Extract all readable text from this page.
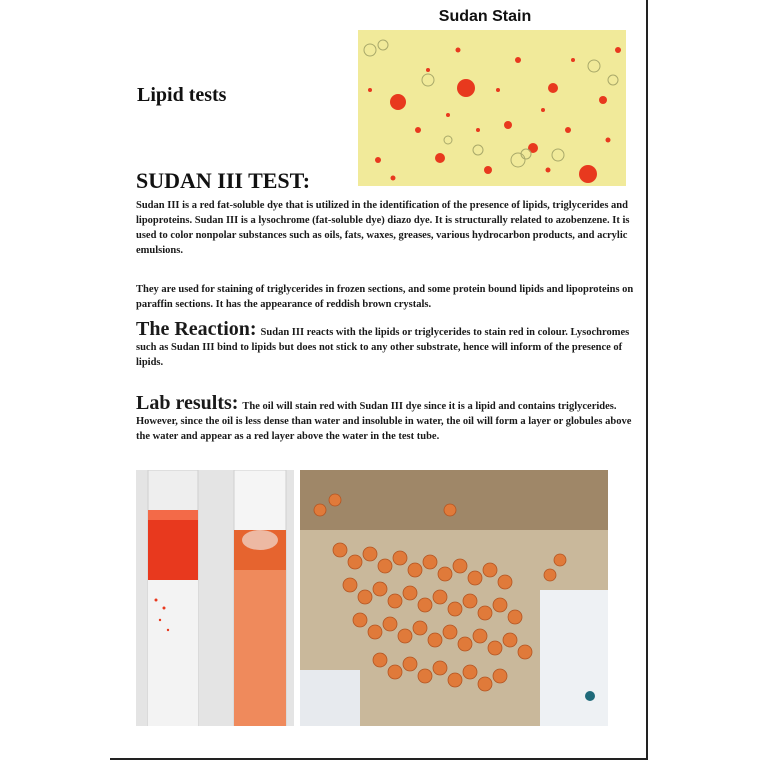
Sudan Stain
Lipid tests
SUDAN III TEST:
Sudan III is a red fat-soluble dye that is utilized in the identification of the presence of lipids, triglycerides and lipoproteins. Sudan III is a lysochrome (fat-soluble dye) diazo dye. It is structurally related to azobenzene. It is used to color nonpolar substances such as oils, fats, waxes, greases, various hydrocarbon products, and acrylic emulsions.
They are used for staining of triglycerides in frozen sections, and some protein bound lipids and lipoproteins on paraffin sections. It has the appearance of reddish brown crystals.
The Reaction: Sudan III reacts with the lipids or triglycerides to stain red in colour. Lysochromes such as Sudan III bind to lipids but does not stick to any other substrate, hence will inform of the presence of lipids.
Lab results: The oil will stain red with Sudan III dye since it is a lipid and contains triglycerides. However, since the oil is less dense than water and insoluble in water, the oil will form a layer or globules above the water and appear as a red layer above the water in the test tube.
